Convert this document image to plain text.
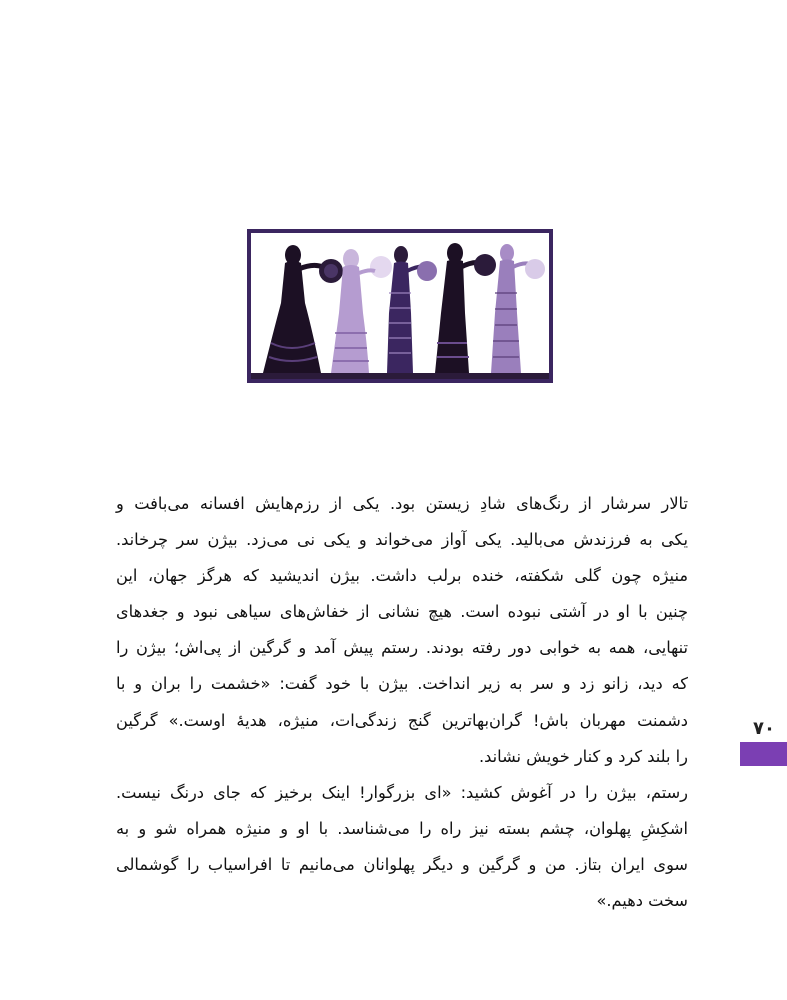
تالار سرشار از رنگ‌های شادِ زیستن بود. یکی از رزم‌هایش افسانه می‌بافت و
یکی به فرزندش می‌بالید. یکی آواز می‌خواند و یکی نی می‌زد. بیژن سر چرخاند.
منیژه چون گلی شکفته، خنده برلب داشت. بیژن اندیشید که هرگز جهان، این
چنین با او در آشتی نبوده است. هیچ نشانی از خفاش‌های سیاهی نبود و جغدهای
تنهایی، همه به خوابی دور رفته بودند. رستم پیش آمد و گرگین از پی‌اش؛ بیژن را
که دید، زانو زد و سر به زیر انداخت. بیژن با خود گفت: «خشمت را بران و با
دشمنت مهربان باش! گران‌بهاترین گنج زندگی‌ات، منیژه، هدیهٔ اوست.» گرگین
را بلند کرد و کنار خویش نشاند.

رستم، بیژن را در آغوش کشید: «ای بزرگوار! اینک برخیز که جای درنگ نیست.
اشکِشِ پهلوان، چشم بسته نیز راه را می‌شناسد. با او و منیژه همراه شو و به
سوی ایران بتاز. من و گرگین و دیگر پهلوانان می‌مانیم تا افراسیاب را گوشمالی
سخت دهیم.»

۷۰
